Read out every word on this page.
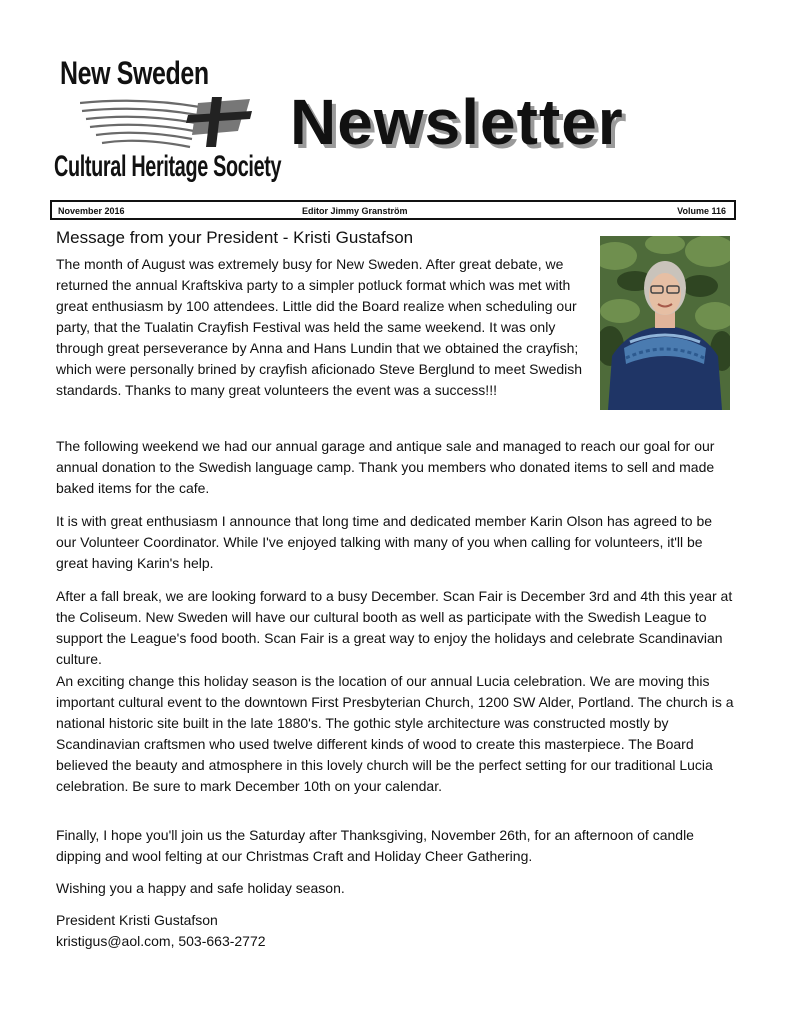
New Sweden
Cultural Heritage Society
Newsletter
November 2016	Editor Jimmy Granström	Volume 116
Message from your President - Kristi Gustafson

The month of August was extremely busy for New Sweden. After great debate, we returned the annual Kraftskiva party to a simpler potluck format which was met with great enthusiasm by 100 attendees. Little did the Board realize when scheduling our party, that the Tualatin Crayfish Festival was held the same weekend. It was only through great perseverance by Anna and Hans Lundin that we obtained the crayfish; which were personally brined by crayfish aficionado Steve Berglund to meet Swedish standards. Thanks to many great volunteers the event was a success!!!

The following weekend we had our annual garage and antique sale and managed to reach our goal for our annual donation to the Swedish language camp. Thank you members who donated items to sell and made baked items for the cafe.

It is with great enthusiasm I announce that long time and dedicated member Karin Olson has agreed to be our Volunteer Coordinator. While I've enjoyed talking with many of you when calling for volunteers, it'll be great having Karin's help.

After a fall break, we are looking forward to a busy December. Scan Fair is December 3rd and 4th this year at the Coliseum. New Sweden will have our cultural booth as well as participate with the Swedish League to support the League's food booth. Scan Fair is a great way to enjoy the holidays and celebrate Scandinavian culture.

An exciting change this holiday season is the location of our annual Lucia celebration. We are moving this important cultural event to the downtown First Presbyterian Church, 1200 SW Alder, Portland. The church is a national historic site built in the late 1880's. The gothic style architecture was constructed mostly by Scandinavian craftsmen who used twelve different kinds of wood to create this masterpiece. The Board believed the beauty and atmosphere in this lovely church will be the perfect setting for our traditional Lucia celebration. Be sure to mark December 10th on your calendar.

Finally, I hope you'll join us the Saturday after Thanksgiving, November 26th, for an afternoon of candle dipping and wool felting at our Christmas Craft and Holiday Cheer Gathering.

Wishing you a happy and safe holiday season.

President Kristi Gustafson
kristigus@aol.com, 503-663-2772
